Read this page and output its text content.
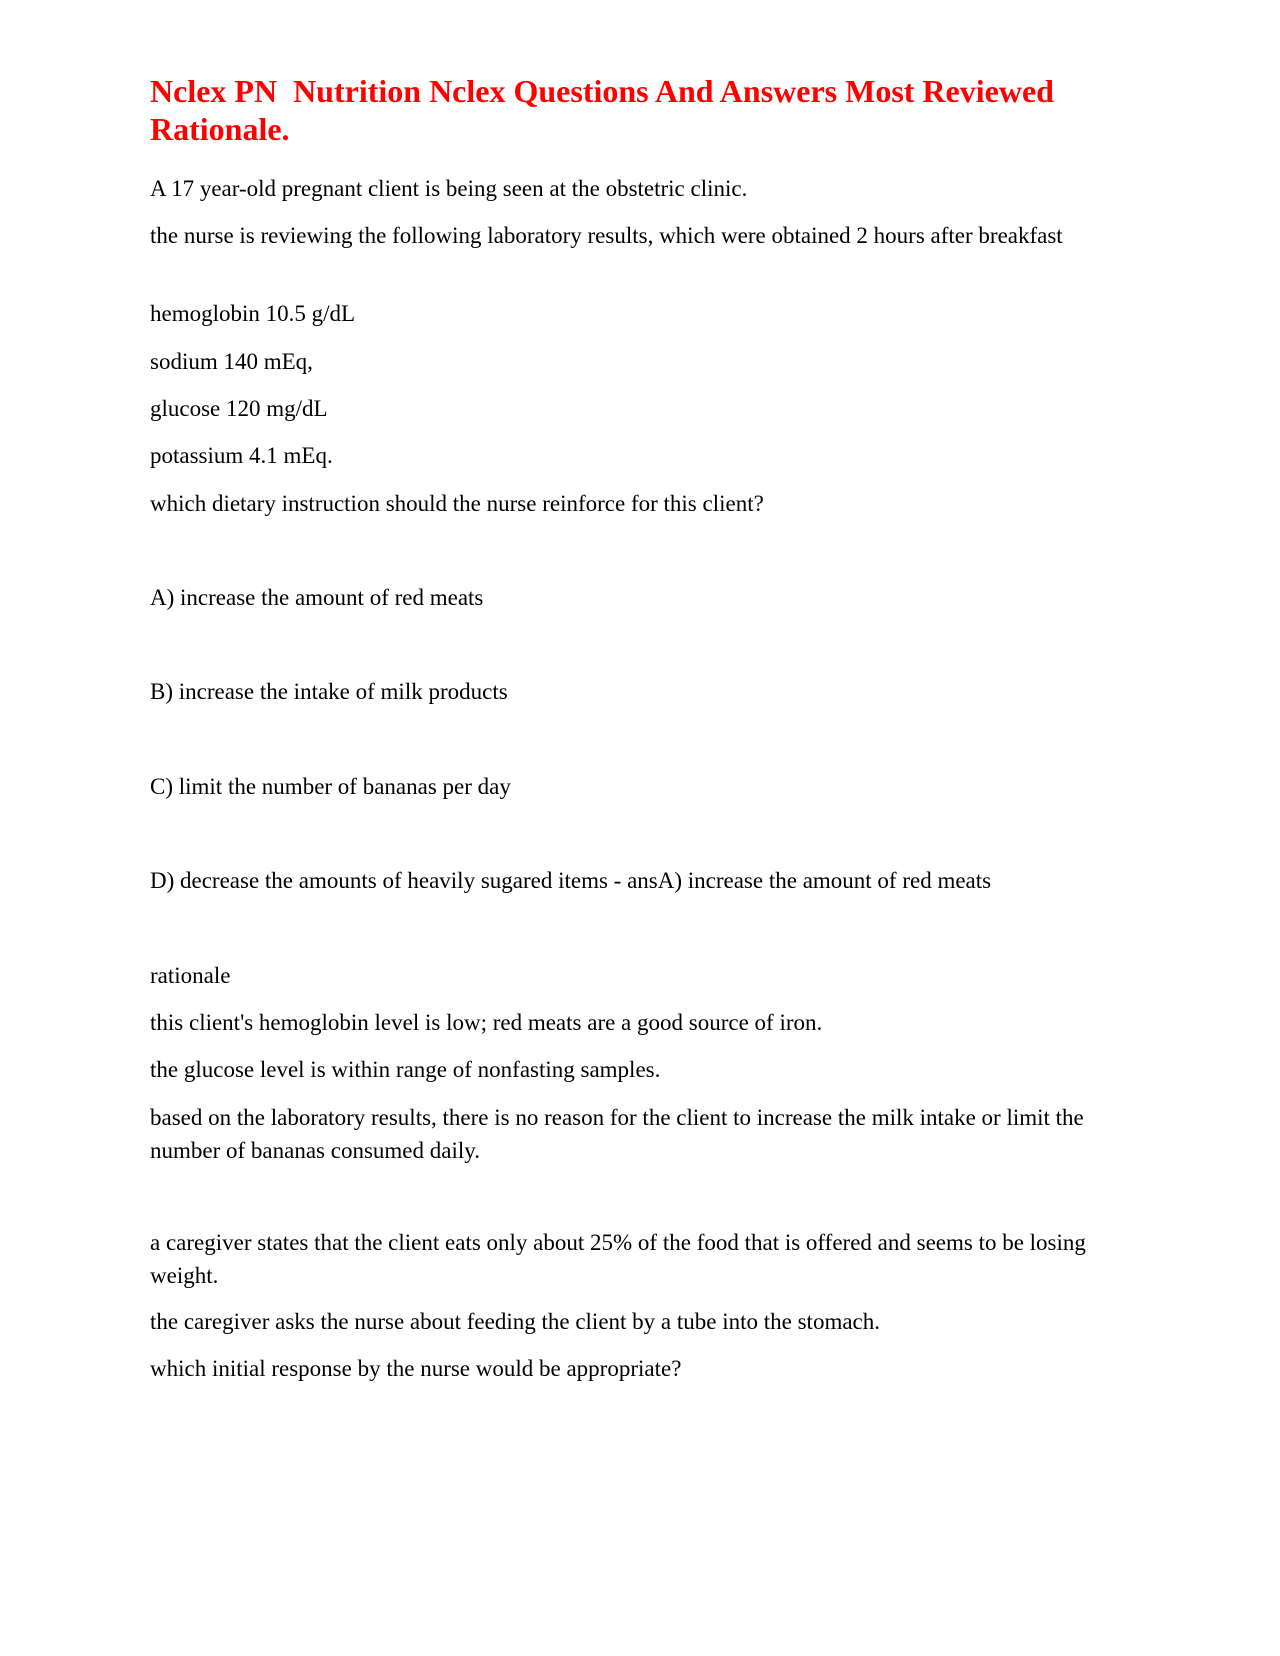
Nclex PN  Nutrition Nclex Questions And Answers Most Reviewed Rationale.

A 17 year-old pregnant client is being seen at the obstetric clinic.

the nurse is reviewing the following laboratory results, which were obtained 2 hours after breakfast

hemoglobin 10.5 g/dL

sodium 140 mEq,

glucose 120 mg/dL

potassium 4.1 mEq.

which dietary instruction should the nurse reinforce for this client?

A) increase the amount of red meats

B) increase the intake of milk products

C) limit the number of bananas per day

D) decrease the amounts of heavily sugared items - ansA) increase the amount of red meats

rationale

this client's hemoglobin level is low; red meats are a good source of iron.

the glucose level is within range of nonfasting samples.

based on the laboratory results, there is no reason for the client to increase the milk intake or limit the number of bananas consumed daily.

a caregiver states that the client eats only about 25% of the food that is offered and seems to be losing weight.

the caregiver asks the nurse about feeding the client by a tube into the stomach.

which initial response by the nurse would be appropriate?
